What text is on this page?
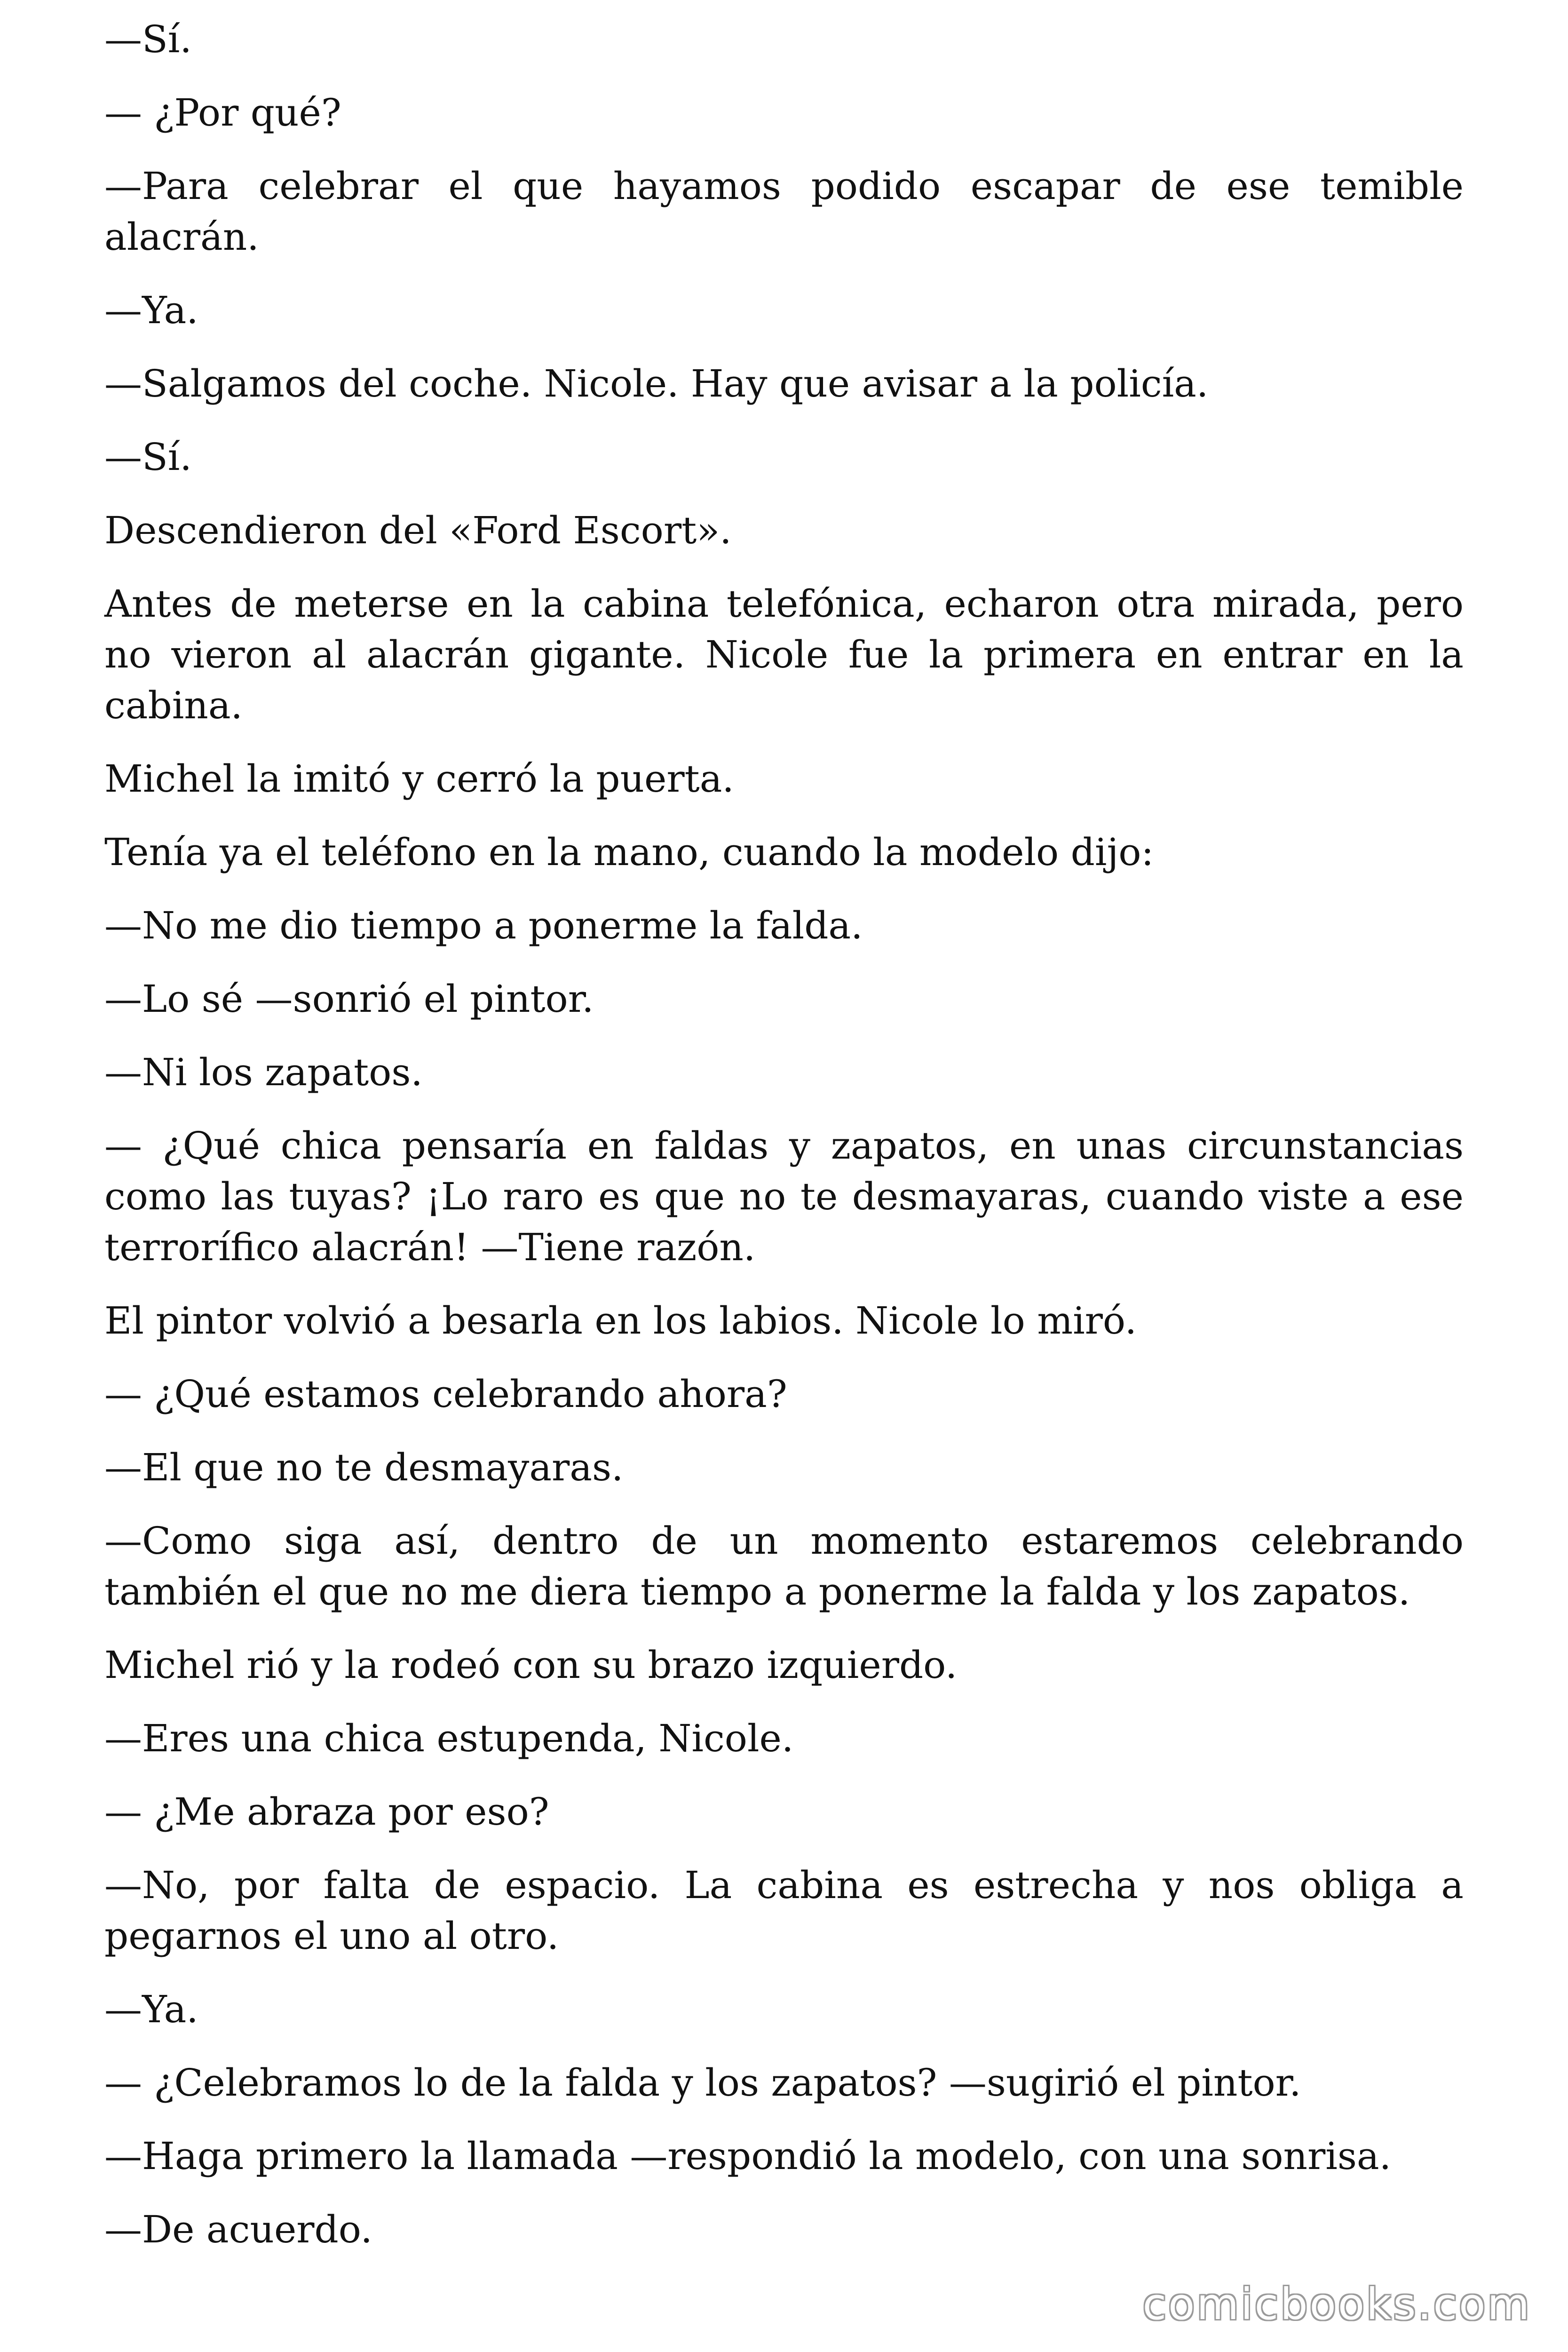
—Sí.

— ¿Por qué?

—Para celebrar el que hayamos podido escapar de ese temible alacrán.

—Ya.

—Salgamos del coche. Nicole. Hay que avisar a la policía.

—Sí.

Descendieron del «Ford Escort».

Antes de meterse en la cabina telefónica, echaron otra mirada, pero no vieron al alacrán gigante. Nicole fue la primera en entrar en la cabina.

Michel la imitó y cerró la puerta.

Tenía ya el teléfono en la mano, cuando la modelo dijo:

—No me dio tiempo a ponerme la falda.

—Lo sé —sonrió el pintor.

—Ni los zapatos.

— ¿Qué chica pensaría en faldas y zapatos, en unas circunstancias como las tuyas? ¡Lo raro es que no te desmayaras, cuando viste a ese terrorífico alacrán! —Tiene razón.

El pintor volvió a besarla en los labios. Nicole lo miró.

— ¿Qué estamos celebrando ahora?

—El que no te desmayaras.

—Como siga así, dentro de un momento estaremos celebrando también el que no me diera tiempo a ponerme la falda y los zapatos.

Michel rió y la rodeó con su brazo izquierdo.

—Eres una chica estupenda, Nicole.

— ¿Me abraza por eso?

—No, por falta de espacio. La cabina es estrecha y nos obliga a pegarnos el uno al otro.

—Ya.

— ¿Celebramos lo de la falda y los zapatos? —sugirió el pintor.

—Haga primero la llamada —respondió la modelo, con una sonrisa.

—De acuerdo.

comicbooks.com
